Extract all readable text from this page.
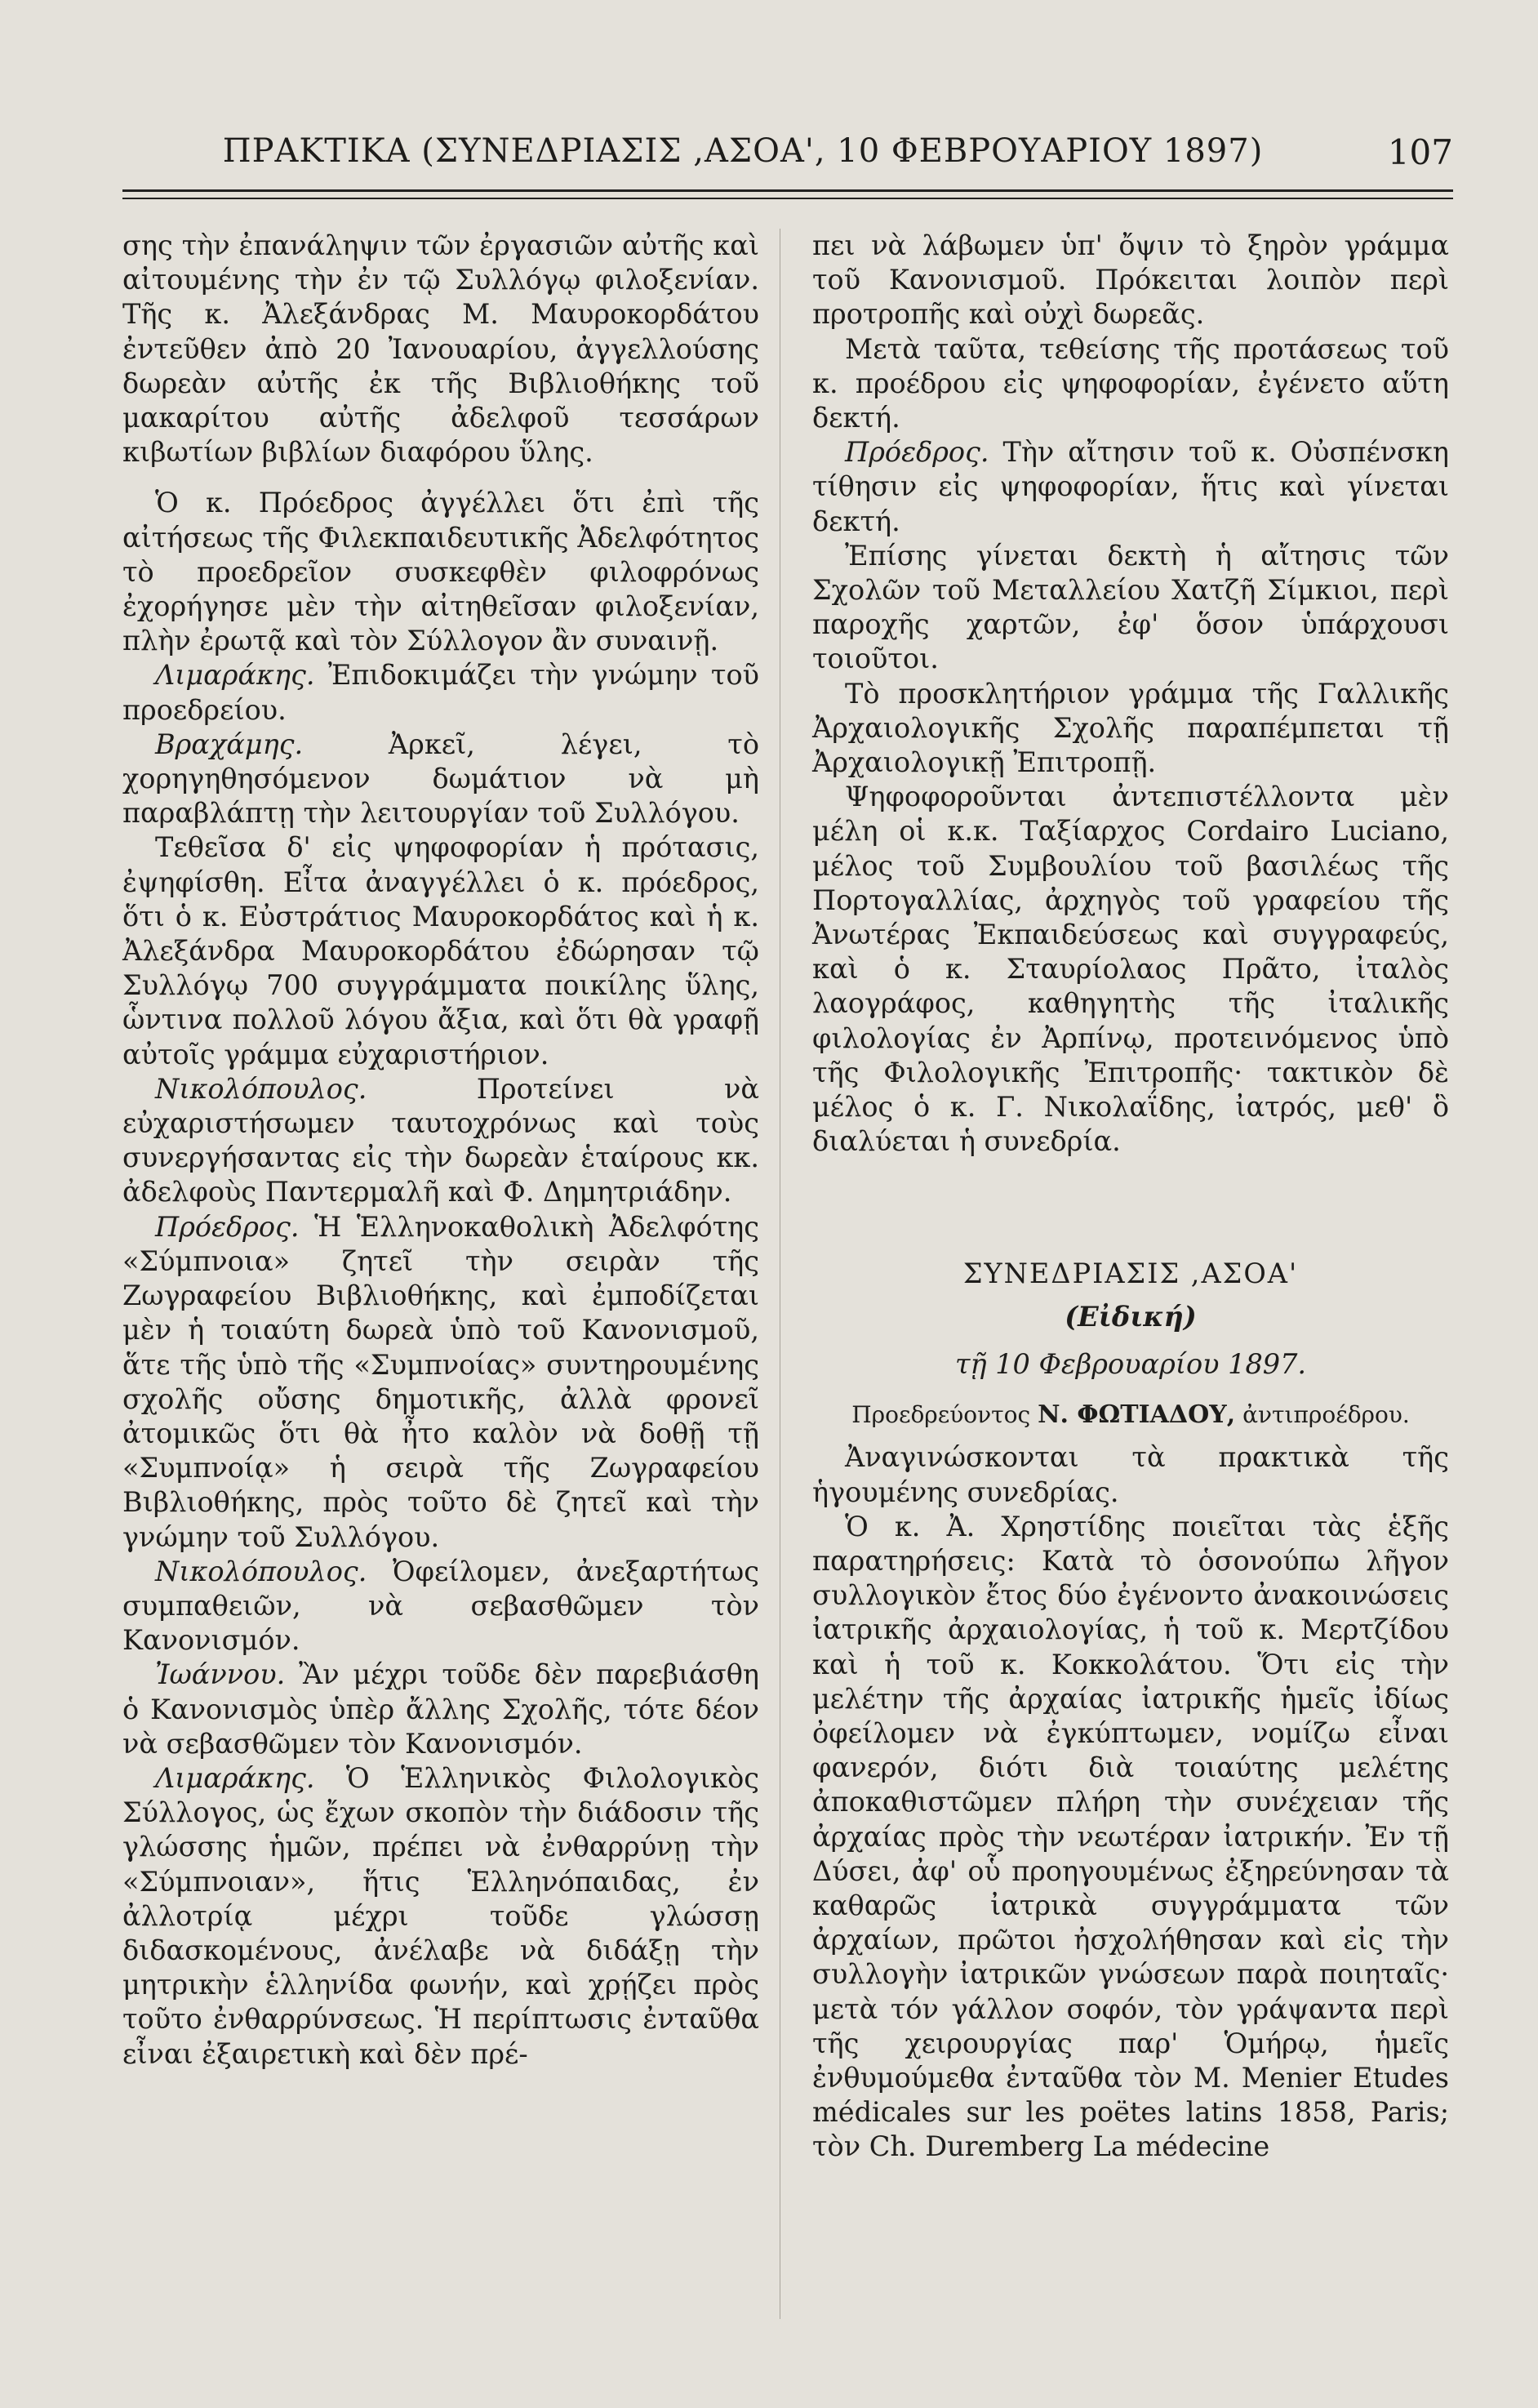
ΠΡΑΚΤΙΚΑ (ΣΥΝΕΔΡΙΑΣΙΣ ,ΑΣΟΑ', 10 ΦΕΒΡΟΥΑΡΙΟΥ 1897)	107

σης τὴν ἐπανάληψιν τῶν ἐργασιῶν αὐτῆς καὶ αἰτουμένης τὴν ἐν τῷ Συλλόγῳ φιλοξενίαν. Τῆς κ. Ἀλεξάνδρας Μ. Μαυροκορδάτου ἐντεῦθεν ἀπὸ 20 Ἰανουαρίου, ἀγγελλούσης δωρεὰν αὐτῆς ἐκ τῆς Βιβλιοθήκης τοῦ μακαρίτου αὐτῆς ἀδελφοῦ τεσσάρων κιβωτίων βιβλίων διαφόρου ὕλης.

Ὁ κ. Πρόεδρος ἀγγέλλει ὅτι ἐπὶ τῆς αἰτήσεως τῆς Φιλεκπαιδευτικῆς Ἀδελφότητος τὸ προεδρεῖον συσκεφθὲν φιλοφρόνως ἐχορήγησε μὲν τὴν αἰτηθεῖσαν φιλοξενίαν, πλὴν ἐρωτᾷ καὶ τὸν Σύλλογον ἂν συναινῇ.

Λιμαράκης. Ἐπιδοκιμάζει τὴν γνώμην τοῦ προεδρείου.

Βραχάμης. Ἀρκεῖ, λέγει, τὸ χορηγηθησόμενον δωμάτιον νὰ μὴ παραβλάπτῃ τὴν λειτουργίαν τοῦ Συλλόγου.

Τεθεῖσα δ' εἰς ψηφοφορίαν ἡ πρότασις, ἐψηφίσθη. Εἶτα ἀναγγέλλει ὁ κ. πρόεδρος, ὅτι ὁ κ. Εὐστράτιος Μαυροκορδάτος καὶ ἡ κ. Ἀλεξάνδρα Μαυροκορδάτου ἐδώρησαν τῷ Συλλόγῳ 700 συγγράμματα ποικίλης ὕλης, ὧντινα πολλοῦ λόγου ἄξια, καὶ ὅτι θὰ γραφῇ αὐτοῖς γράμμα εὐχαριστήριον.

Νικολόπουλος. Προτείνει νὰ εὐχαριστήσωμεν ταυτοχρόνως καὶ τοὺς συνεργήσαντας εἰς τὴν δωρεὰν ἑταίρους κκ. ἀδελφοὺς Παντερμαλῆ καὶ Φ. Δημητριάδην.

Πρόεδρος. Ἡ Ἑλληνοκαθολικὴ Ἀδελφότης «Σύμπνοια» ζητεῖ τὴν σειρὰν τῆς Ζωγραφείου Βιβλιοθήκης, καὶ ἐμποδίζεται μὲν ἡ τοιαύτη δωρεὰ ὑπὸ τοῦ Κανονισμοῦ, ἅτε τῆς ὑπὸ τῆς «Συμπνοίας» συντηρουμένης σχολῆς οὔσης δημοτικῆς, ἀλλὰ φρονεῖ ἀτομικῶς ὅτι θὰ ἦτο καλὸν νὰ δοθῇ τῇ «Συμπνοίᾳ» ἡ σειρὰ τῆς Ζωγραφείου Βιβλιοθήκης, πρὸς τοῦτο δὲ ζητεῖ καὶ τὴν γνώμην τοῦ Συλλόγου.

Νικολόπουλος. Ὀφείλομεν, ἀνεξαρτήτως συμπαθειῶν, νὰ σεβασθῶμεν τὸν Κανονισμόν.

Ἰωάννου. Ἂν μέχρι τοῦδε δὲν παρεβιάσθη ὁ Κανονισμὸς ὑπὲρ ἄλλης Σχολῆς, τότε δέον νὰ σεβασθῶμεν τὸν Κανονισμόν.

Λιμαράκης. Ὁ Ἑλληνικὸς Φιλολογικὸς Σύλλογος, ὡς ἔχων σκοπὸν τὴν διάδοσιν τῆς γλώσσης ἡμῶν, πρέπει νὰ ἐνθαρρύνῃ τὴν «Σύμπνοιαν», ἥτις Ἑλληνόπαιδας, ἐν ἀλλοτρίᾳ μέχρι τοῦδε γλώσσῃ διδασκομένους, ἀνέλαβε νὰ διδάξῃ τὴν μητρικὴν ἑλληνίδα φωνήν, καὶ χρῄζει πρὸς τοῦτο ἐνθαρρύνσεως. Ἡ περίπτωσις ἐνταῦθα εἶναι ἐξαιρετικὴ καὶ δὲν πρέ-

πει νὰ λάβωμεν ὑπ' ὄψιν τὸ ξηρὸν γράμμα τοῦ Κανονισμοῦ. Πρόκειται λοιπὸν περὶ προτροπῆς καὶ οὐχὶ δωρεᾶς.

Μετὰ ταῦτα, τεθείσης τῆς προτάσεως τοῦ κ. προέδρου εἰς ψηφοφορίαν, ἐγένετο αὕτη δεκτή.

Πρόεδρος. Τὴν αἴτησιν τοῦ κ. Οὐσπένσκη τίθησιν εἰς ψηφοφορίαν, ἥτις καὶ γίνεται δεκτή.

Ἐπίσης γίνεται δεκτὴ ἡ αἴτησις τῶν Σχολῶν τοῦ Μεταλλείου Χατζῆ Σίμκιοι, περὶ παροχῆς χαρτῶν, ἐφ' ὅσον ὑπάρχουσι τοιοῦτοι.

Τὸ προσκλητήριον γράμμα τῆς Γαλλικῆς Ἀρχαιολογικῆς Σχολῆς παραπέμπεται τῇ Ἀρχαιολογικῇ Ἐπιτροπῇ.

Ψηφοφοροῦνται ἀντεπιστέλλοντα μὲν μέλη οἱ κ.κ. Ταξίαρχος Cordairo Luciano, μέλος τοῦ Συμβουλίου τοῦ βασιλέως τῆς Πορτογαλλίας, ἀρχηγὸς τοῦ γραφείου τῆς Ἀνωτέρας Ἐκπαιδεύσεως καὶ συγγραφεύς, καὶ ὁ κ. Σταυρίολαος Πρᾶτο, ἰταλὸς λαογράφος, καθηγητὴς τῆς ἰταλικῆς φιλολογίας ἐν Ἀρπίνῳ, προτεινόμενος ὑπὸ τῆς Φιλολογικῆς Ἐπιτροπῆς· τακτικὸν δὲ μέλος ὁ κ. Γ. Νικολαΐδης, ἰατρός, μεθ' ὃ διαλύεται ἡ συνεδρία.

ΣΥΝΕΔΡΙΑΣΙΣ ,ΑΣΟΑ'

(Εἰδική)

τῇ 10 Φεβρουαρίου 1897.

Προεδρεύοντος Ν. ΦΩΤΙΑΔΟΥ, ἀντιπροέδρου.

Ἀναγινώσκονται τὰ πρακτικὰ τῆς ἡγουμένης συνεδρίας.

Ὁ κ. Ἀ. Χρηστίδης ποιεῖται τὰς ἑξῆς παρατηρήσεις: Κατὰ τὸ ὁσονούπω λῆγον συλλογικὸν ἔτος δύο ἐγένοντο ἀνακοινώσεις ἰατρικῆς ἀρχαιολογίας, ἡ τοῦ κ. Μερτζίδου καὶ ἡ τοῦ κ. Κοκκολάτου. Ὅτι εἰς τὴν μελέτην τῆς ἀρχαίας ἰατρικῆς ἡμεῖς ἰδίως ὀφείλομεν νὰ ἐγκύπτωμεν, νομίζω εἶναι φανερόν, διότι διὰ τοιαύτης μελέτης ἀποκαθιστῶμεν πλήρη τὴν συνέχειαν τῆς ἀρχαίας πρὸς τὴν νεωτέραν ἰατρικήν. Ἐν τῇ Δύσει, ἀφ' οὗ προηγουμένως ἐξηρεύνησαν τὰ καθαρῶς ἰατρικὰ συγγράμματα τῶν ἀρχαίων, πρῶτοι ἠσχολήθησαν καὶ εἰς τὴν συλλογὴν ἰατρικῶν γνώσεων παρὰ ποιηταῖς· μετὰ τόν γάλλον σοφόν, τὸν γράψαντα περὶ τῆς χειρουργίας παρ' Ὁμήρῳ, ἡμεῖς ἐνθυμούμεθα ἐνταῦθα τὸν M. Menier Etudes médicales sur les poëtes latins 1858, Paris; τὸν Ch. Duremberg La médecine
